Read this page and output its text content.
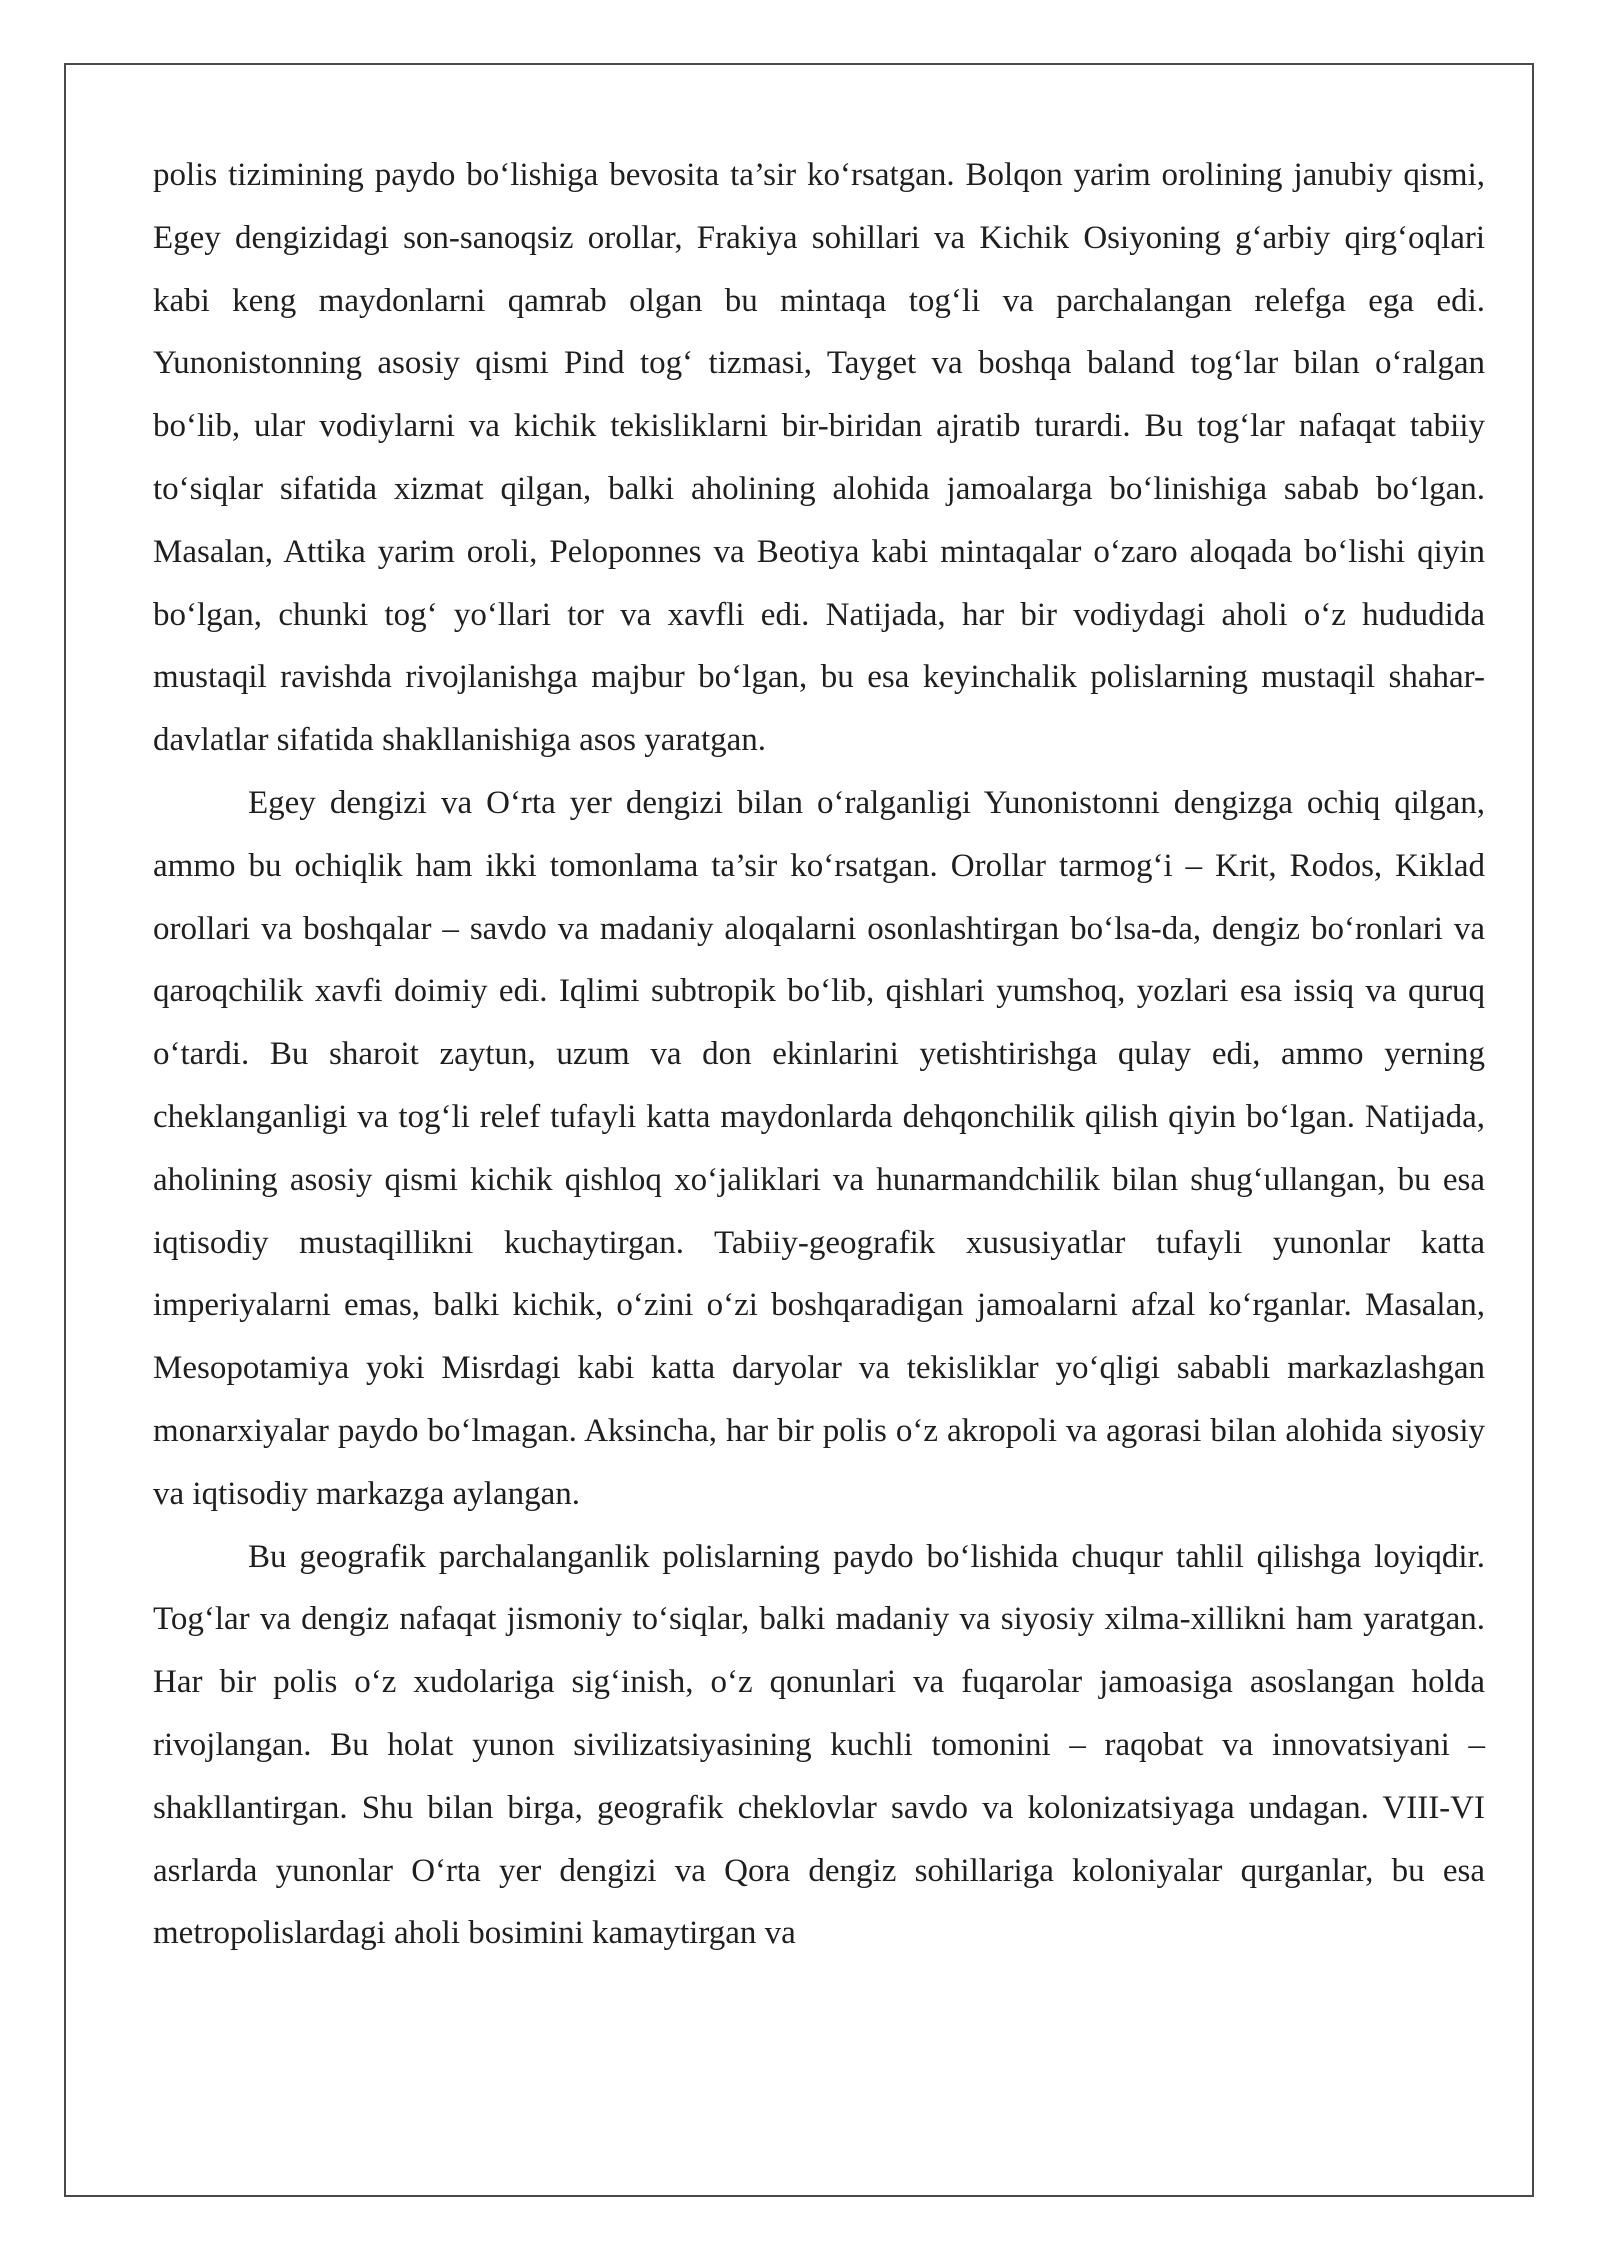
polis tizimining paydo bo‘lishiga bevosita ta’sir ko‘rsatgan. Bolqon yarim orolining janubiy qismi, Egey dengizidagi son-sanoqsiz orollar, Frakiya sohillari va Kichik Osiyoning g‘arbiy qirg‘oqlari kabi keng maydonlarni qamrab olgan bu mintaqa tog‘li va parchalangan relefga ega edi. Yunonistonning asosiy qismi Pind tog‘ tizmasi, Tayget va boshqa baland tog‘lar bilan o‘ralgan bo‘lib, ular vodiylarni va kichik tekisliklarni bir-biridan ajratib turardi. Bu tog‘lar nafaqat tabiiy to‘siqlar sifatida xizmat qilgan, balki aholining alohida jamoalarga bo‘linishiga sabab bo‘lgan. Masalan, Attika yarim oroli, Peloponnes va Beotiya kabi mintaqalar o‘zaro aloqada bo‘lishi qiyin bo‘lgan, chunki tog‘ yo‘llari tor va xavfli edi. Natijada, har bir vodiydagi aholi o‘z hududida mustaqil ravishda rivojlanishga majbur bo‘lgan, bu esa keyinchalik polislarning mustaqil shahar-davlatlar sifatida shakllanishiga asos yaratgan.

Egey dengizi va O‘rta yer dengizi bilan o‘ralganligi Yunonistonni dengizga ochiq qilgan, ammo bu ochiqlik ham ikki tomonlama ta’sir ko‘rsatgan. Orollar tarmog‘i – Krit, Rodos, Kiklad orollari va boshqalar – savdo va madaniy aloqalarni osonlashtirgan bo‘lsa-da, dengiz bo‘ronlari va qaroqchilik xavfi doimiy edi. Iqlimi subtropik bo‘lib, qishlari yumshoq, yozlari esa issiq va quruq o‘tardi. Bu sharoit zaytun, uzum va don ekinlarini yetishtirishga qulay edi, ammo yerning cheklanganligi va tog‘li relef tufayli katta maydonlarda dehqonchilik qilish qiyin bo‘lgan. Natijada, aholining asosiy qismi kichik qishloq xo‘jaliklari va hunarmandchilik bilan shug‘ullangan, bu esa iqtisodiy mustaqillikni kuchaytirgan. Tabiiy-geografik xususiyatlar tufayli yunonlar katta imperiyalarni emas, balki kichik, o‘zini o‘zi boshqaradigan jamoalarni afzal ko‘rganlar. Masalan, Mesopotamiya yoki Misrdagi kabi katta daryolar va tekisliklar yo‘qligi sababli markazlashgan monarxiyalar paydo bo‘lmagan. Aksincha, har bir polis o‘z akropoli va agorasi bilan alohida siyosiy va iqtisodiy markazga aylangan.

Bu geografik parchalanganlik polislarning paydo bo‘lishida chuqur tahlil qilishga loyiqdir. Tog‘lar va dengiz nafaqat jismoniy to‘siqlar, balki madaniy va siyosiy xilma-xillikni ham yaratgan. Har bir polis o‘z xudolariga sig‘inish, o‘z qonunlari va fuqarolar jamoasiga asoslangan holda rivojlangan. Bu holat yunon sivilizatsiyasining kuchli tomonini – raqobat va innovatsiyani – shakllantirgan. Shu bilan birga, geografik cheklovlar savdo va kolonizatsiyaga undagan. VIII-VI asrlarda yunonlar O‘rta yer dengizi va Qora dengiz sohillariga koloniyalar qurganlar, bu esa metropolislardagi aholi bosimini kamaytirgan va
